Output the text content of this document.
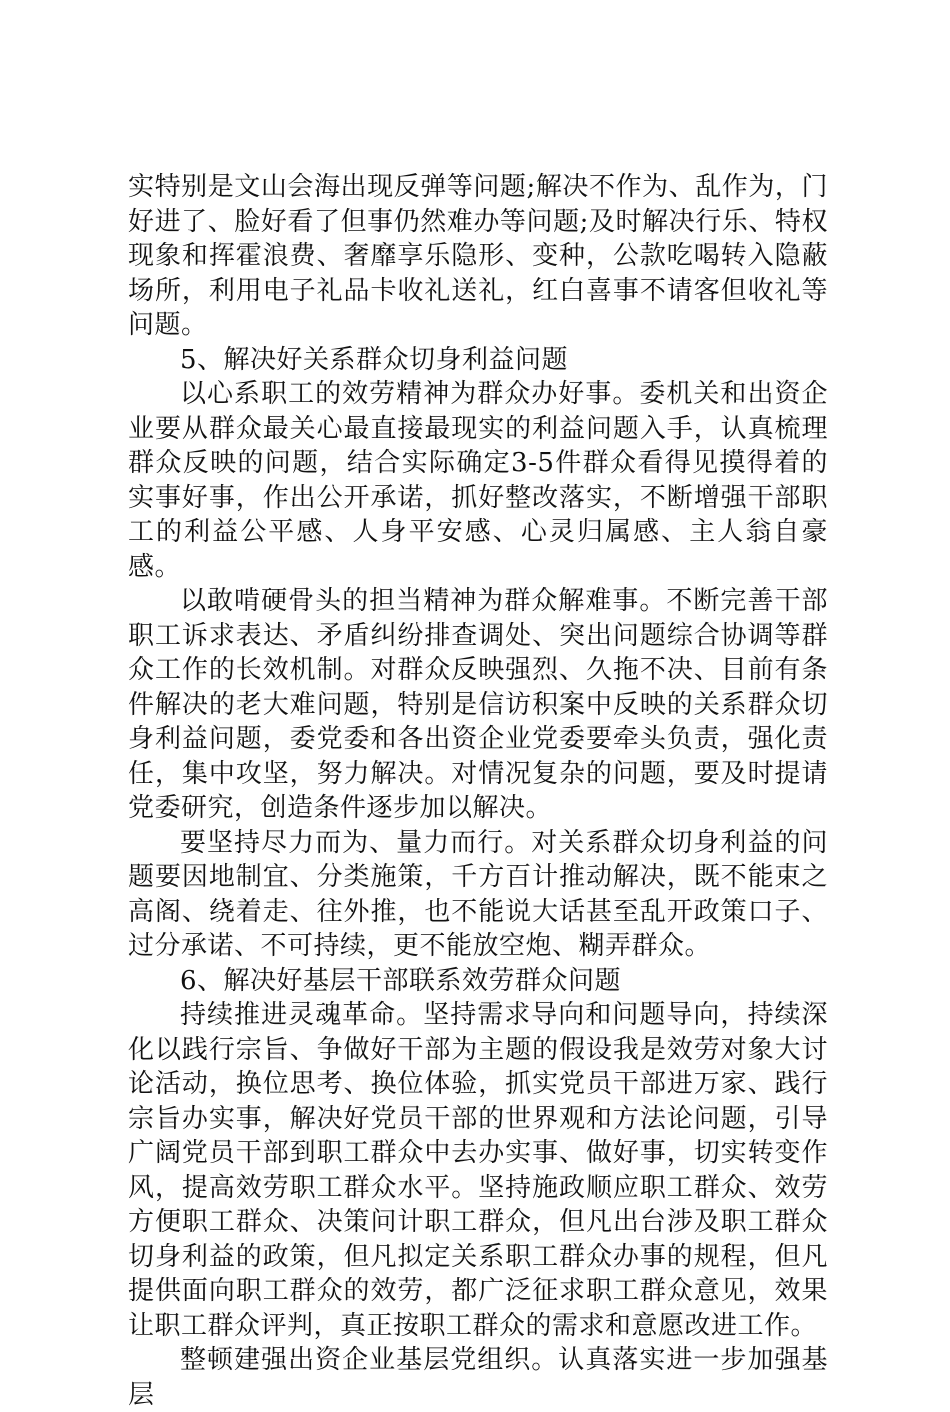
实特别是文山会海出现反弹等问题;解决不作为、乱作为，门好进了、脸好看了但事仍然难办等问题;及时解决行乐、特权现象和挥霍浪费、奢靡享乐隐形、变种，公款吃喝转入隐蔽场所，利用电子礼品卡收礼送礼，红白喜事不请客但收礼等问题。

5、解决好关系群众切身利益问题

以心系职工的效劳精神为群众办好事。委机关和出资企业要从群众最关心最直接最现实的利益问题入手，认真梳理群众反映的问题，结合实际确定3-5件群众看得见摸得着的实事好事，作出公开承诺，抓好整改落实，不断增强干部职工的利益公平感、人身平安感、心灵归属感、主人翁自豪感。

以敢啃硬骨头的担当精神为群众解难事。不断完善干部职工诉求表达、矛盾纠纷排查调处、突出问题综合协调等群众工作的长效机制。对群众反映强烈、久拖不决、目前有条件解决的老大难问题，特别是信访积案中反映的关系群众切身利益问题，委党委和各出资企业党委要牵头负责，强化责任，集中攻坚，努力解决。对情况复杂的问题，要及时提请党委研究，创造条件逐步加以解决。

要坚持尽力而为、量力而行。对关系群众切身利益的问题要因地制宜、分类施策，千方百计推动解决，既不能束之高阁、绕着走、往外推，也不能说大话甚至乱开政策口子、过分承诺、不可持续，更不能放空炮、糊弄群众。

6、解决好基层干部联系效劳群众问题

持续推进灵魂革命。坚持需求导向和问题导向，持续深化以践行宗旨、争做好干部为主题的假设我是效劳对象大讨论活动，换位思考、换位体验，抓实党员干部进万家、践行宗旨办实事，解决好党员干部的世界观和方法论问题，引导广阔党员干部到职工群众中去办实事、做好事，切实转变作风，提高效劳职工群众水平。坚持施政顺应职工群众、效劳方便职工群众、决策问计职工群众，但凡出台涉及职工群众切身利益的政策，但凡拟定关系职工群众办事的规程，但凡提供面向职工群众的效劳，都广泛征求职工群众意见，效果让职工群众评判，真正按职工群众的需求和意愿改进工作。

整顿建强出资企业基层党组织。认真落实进一步加强基层
